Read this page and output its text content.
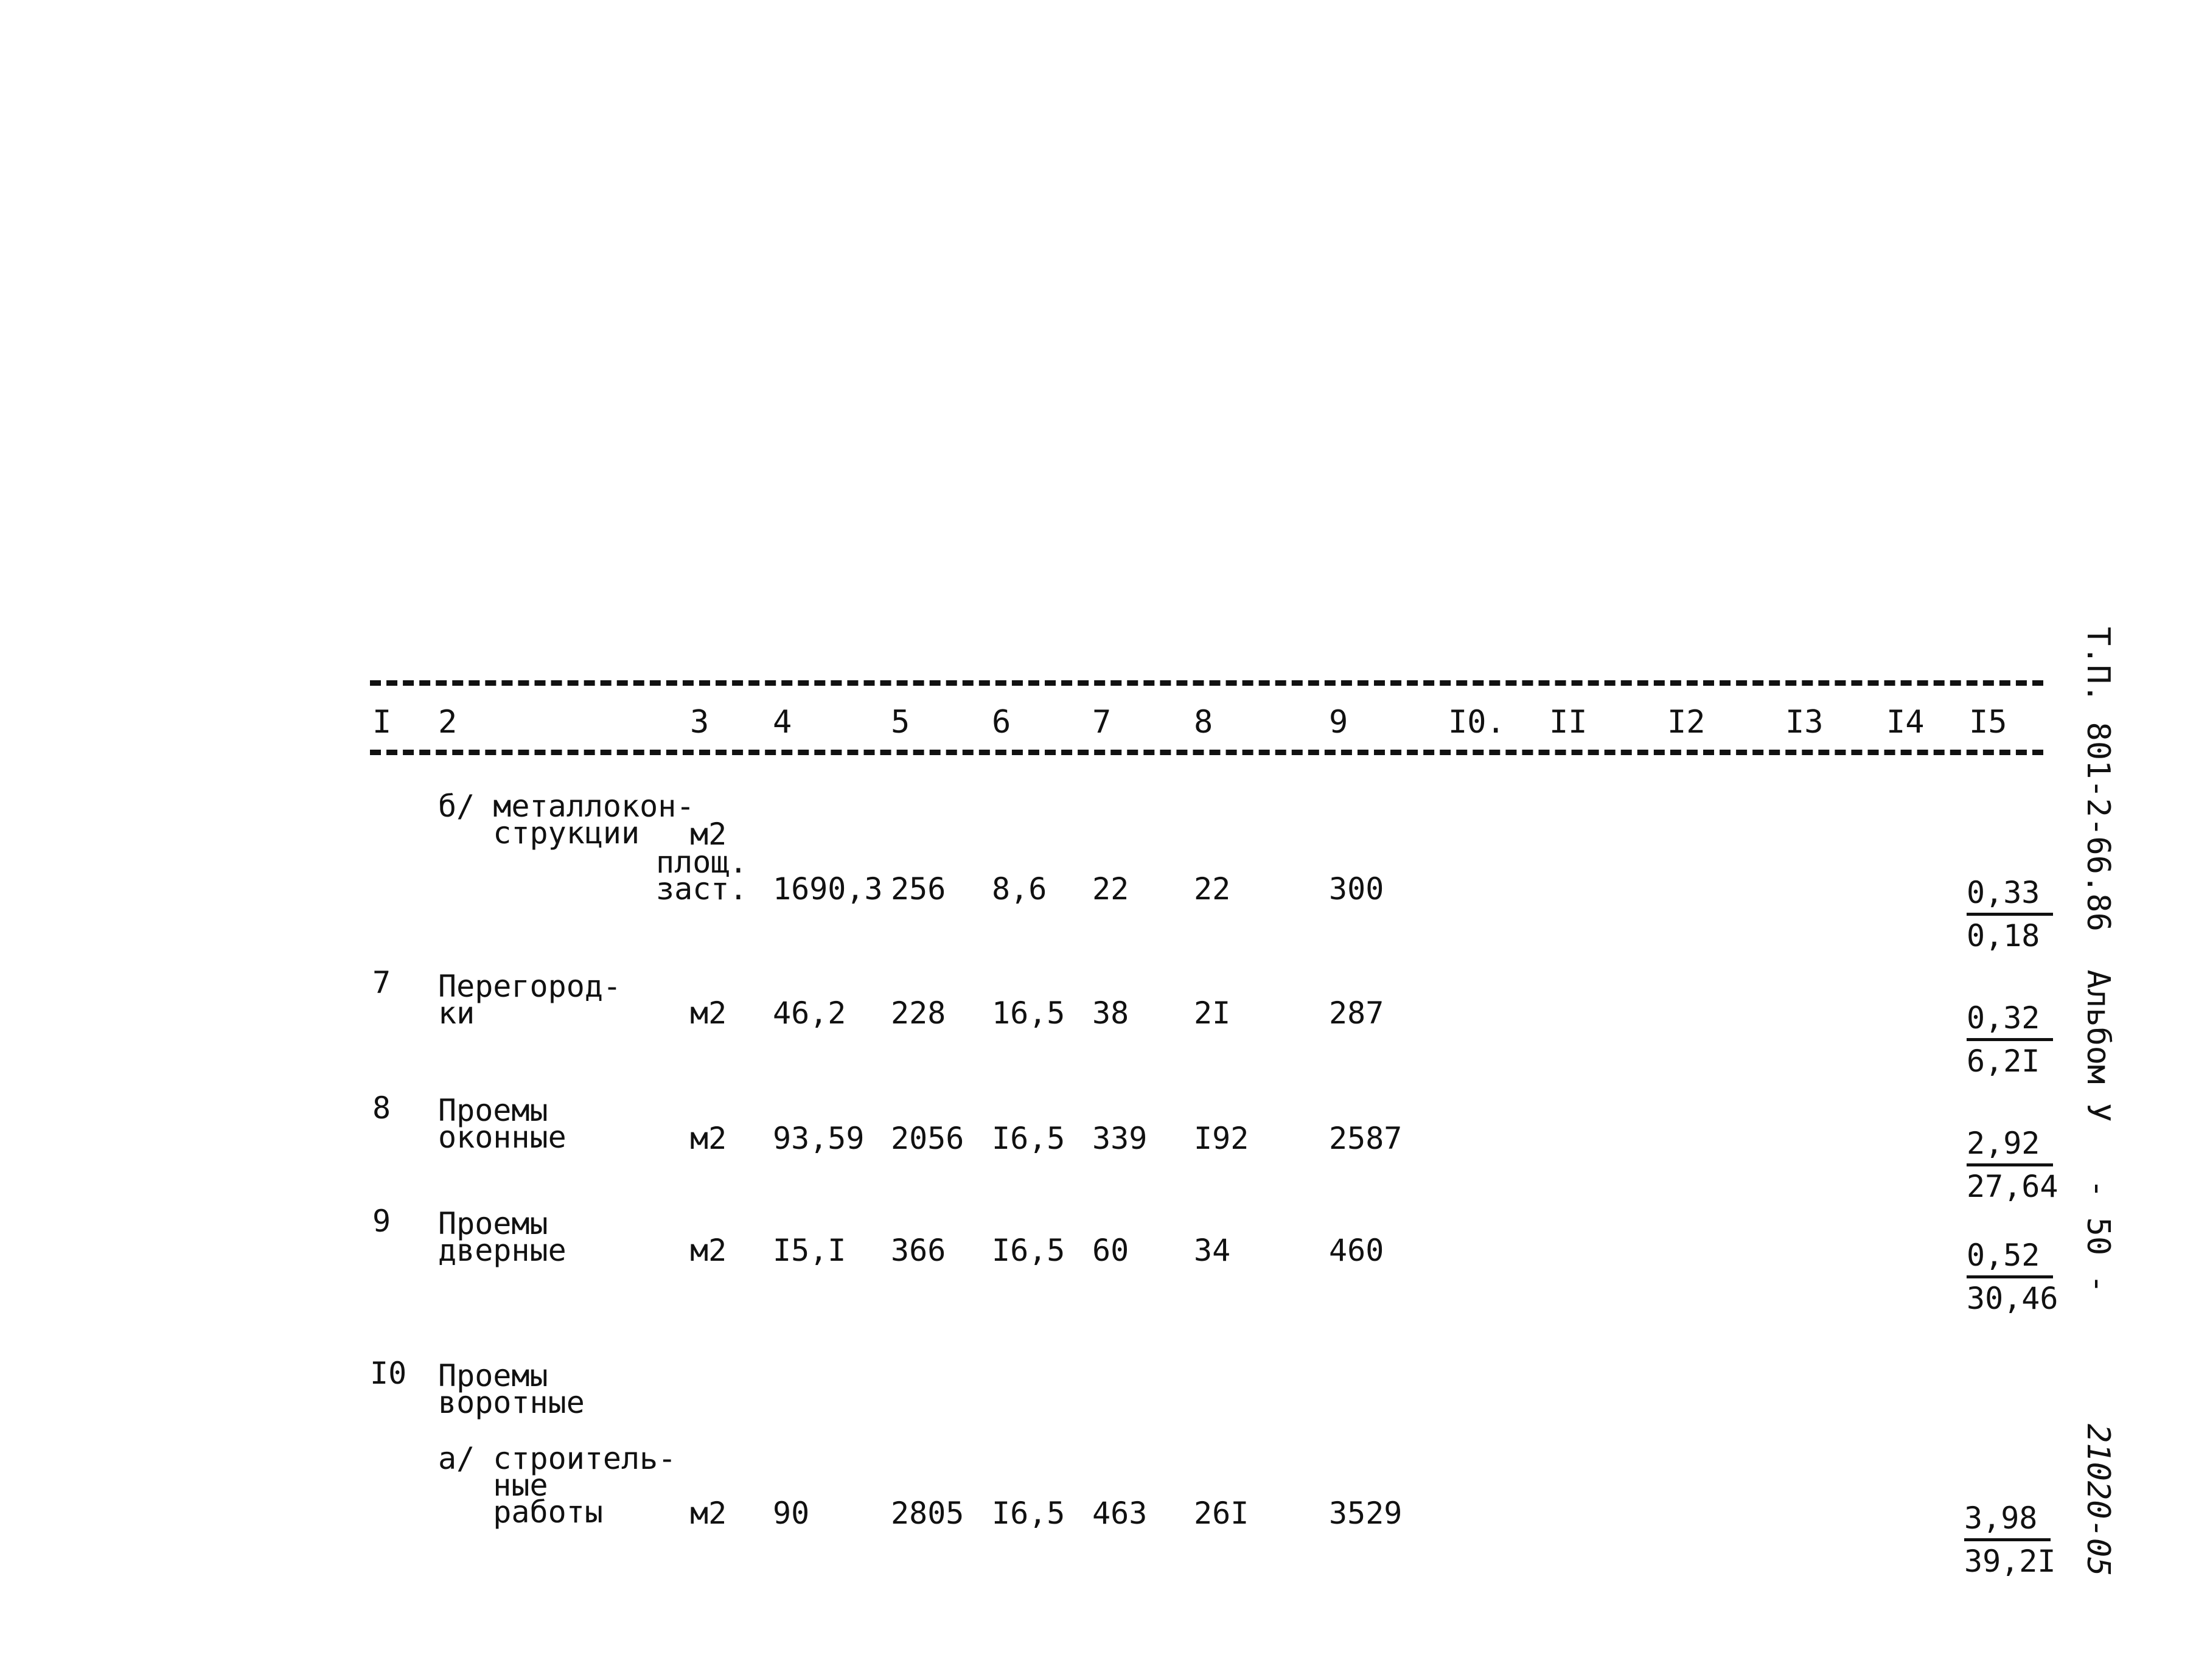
I 2	3 4	5	6	7	8	9	I0. II	I2	I3 I4 I5
б/ металлокон-
струкции м2
площ.
заст. 1690,3 256 8,6 22 22	300	$\frac{0,33}{0,18}$
7 Перегород-
ки	м2 46,2 228 16,5 38 2I	287	$\frac{0,32}{6,2I}$
8 Проемы
оконные	м2 93,59 2056 I6,5 339 I92	2587	$\frac{2,92}{27,64}$
9 Проемы
дверные	м2 I5,I 366 I6,5 60 34	460	$\frac{0,52}{30,46}$
I0 Проемы
воротные
а/ строитель-
ные
работы	м2 90	2805 I6,5 463 26I	3529	$\frac{3,98}{39,2I}$
Т.П. 801-2-66.86  Альбом У   - 50 -
21020-05
